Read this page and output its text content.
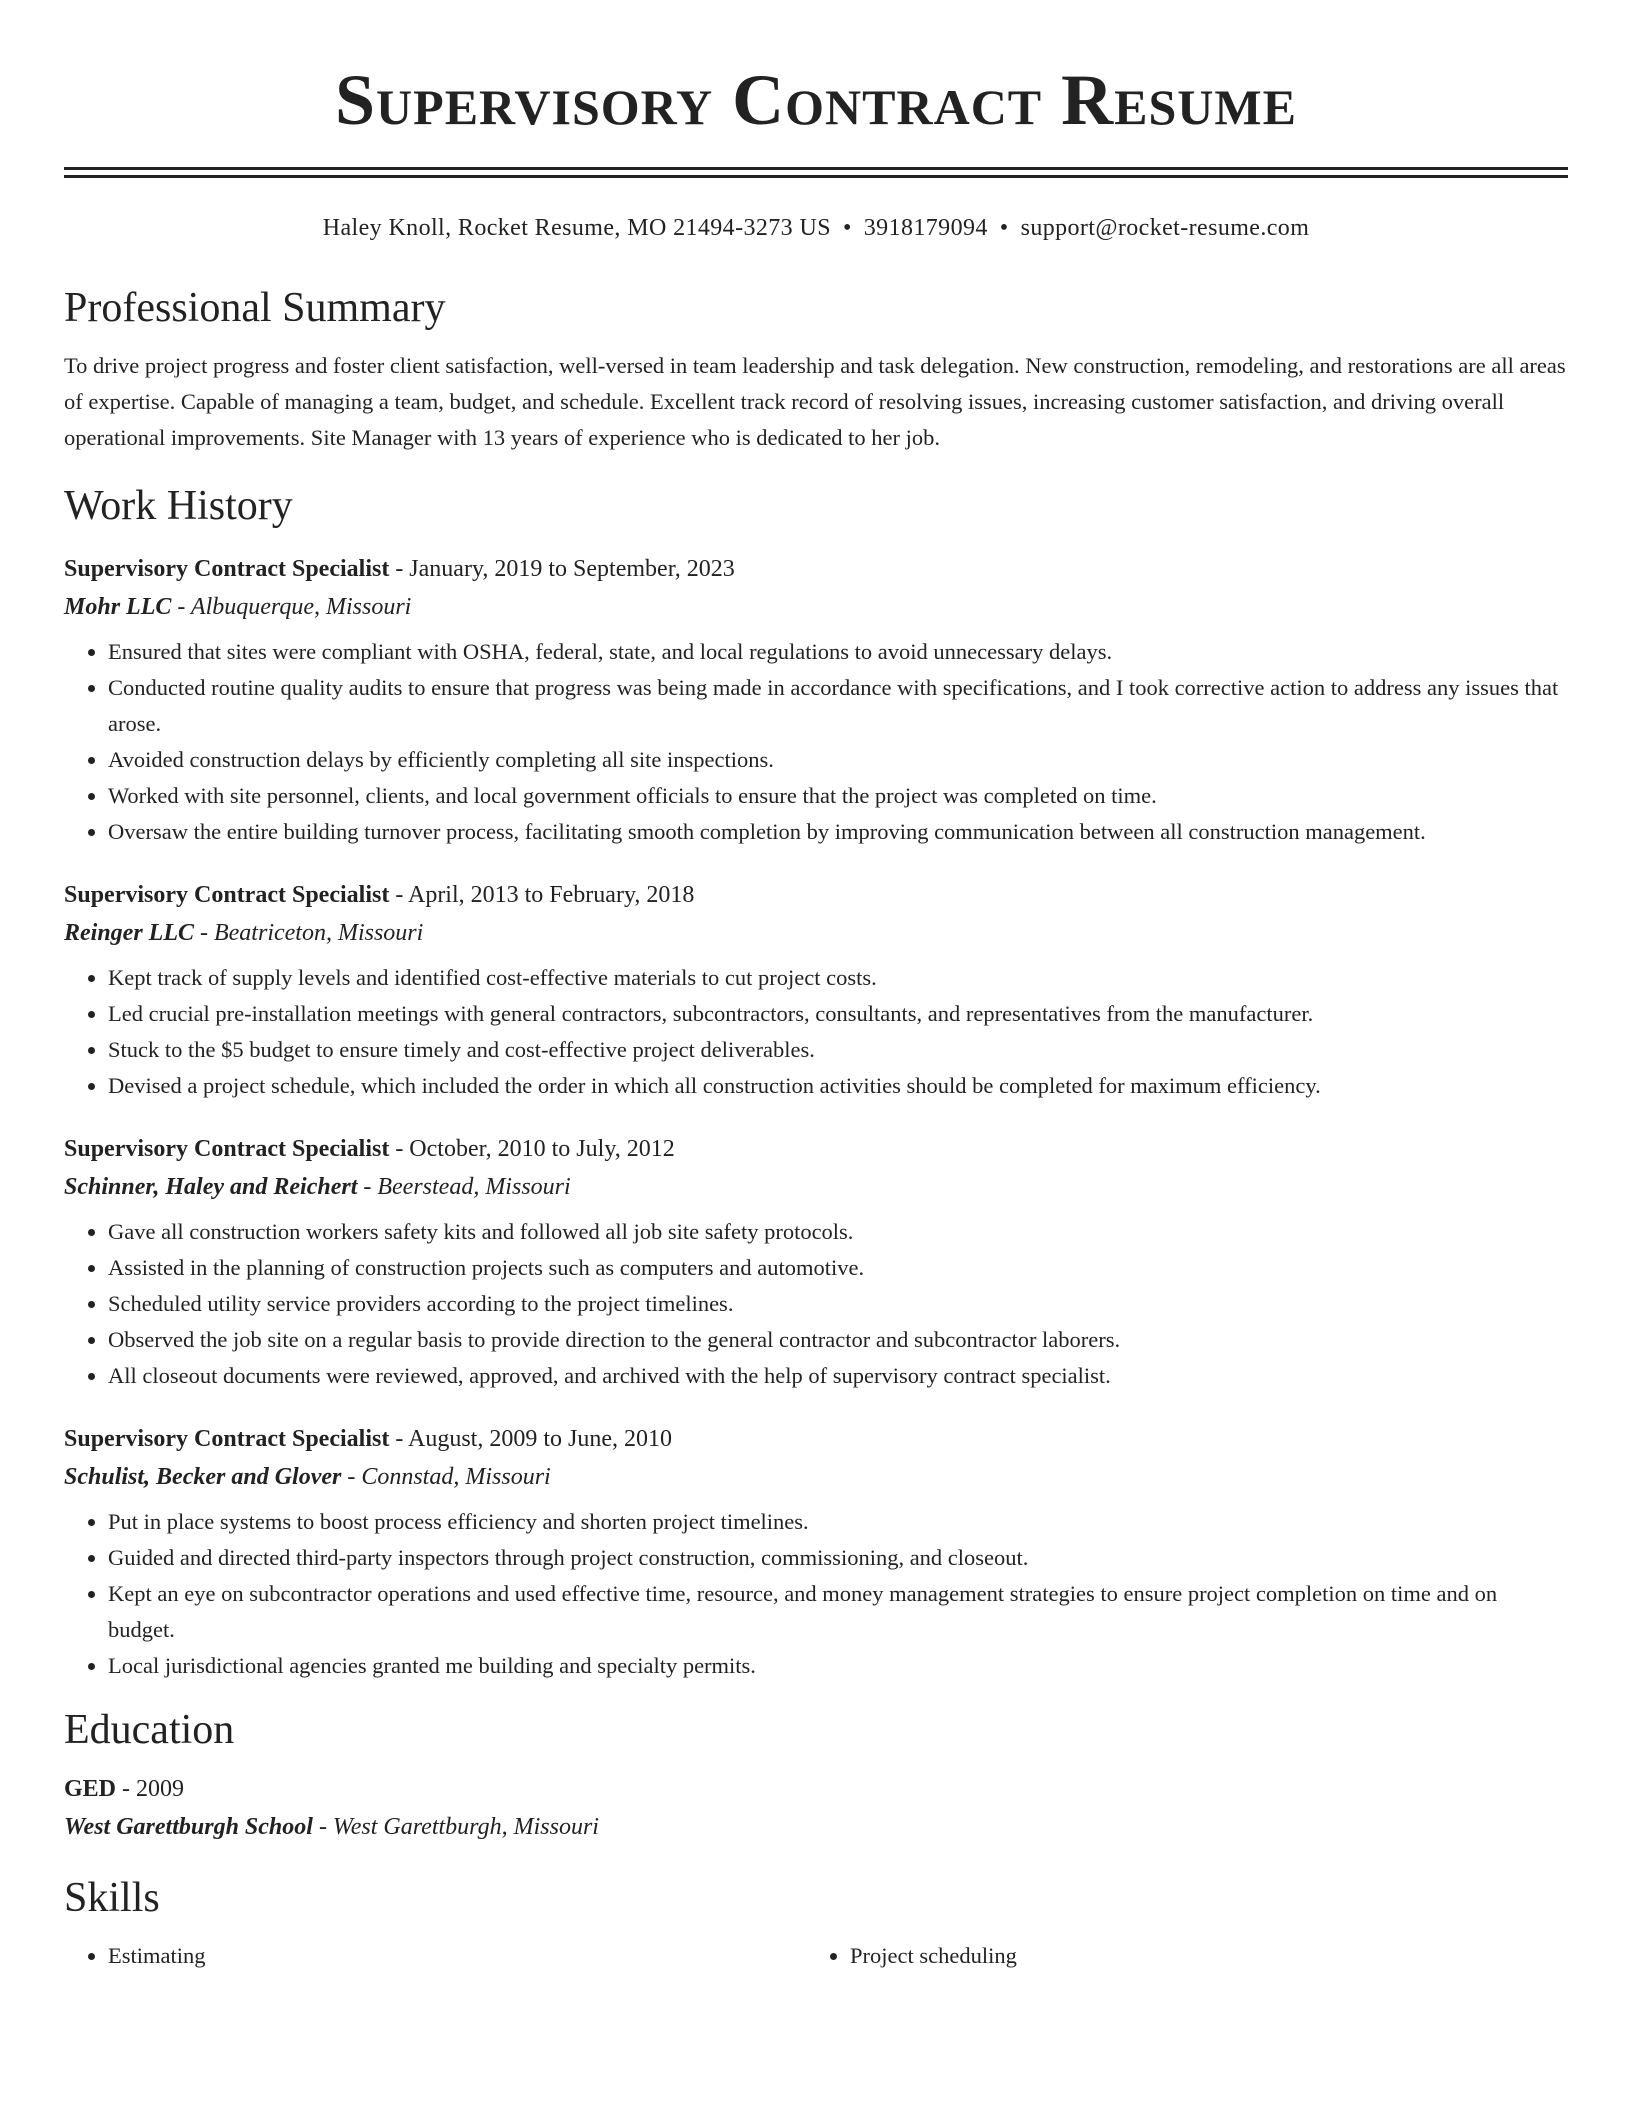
Supervisory Contract Resume
Haley Knoll, Rocket Resume, MO 21494-3273 US • 3918179094 • support@rocket-resume.com
Professional Summary

To drive project progress and foster client satisfaction, well-versed in team leadership and task delegation. New construction, remodeling, and restorations are all areas of expertise. Capable of managing a team, budget, and schedule. Excellent track record of resolving issues, increasing customer satisfaction, and driving overall operational improvements. Site Manager with 13 years of experience who is dedicated to her job.

Work History
Supervisory Contract Specialist - January, 2019 to September, 2023
Mohr LLC - Albuquerque, Missouri
• Ensured that sites were compliant with OSHA, federal, state, and local regulations to avoid unnecessary delays.
• Conducted routine quality audits to ensure that progress was being made in accordance with specifications, and I took corrective action to address any issues that arose.
• Avoided construction delays by efficiently completing all site inspections.
• Worked with site personnel, clients, and local government officials to ensure that the project was completed on time.
• Oversaw the entire building turnover process, facilitating smooth completion by improving communication between all construction management.
Supervisory Contract Specialist - April, 2013 to February, 2018
Reinger LLC - Beatriceton, Missouri
• Kept track of supply levels and identified cost-effective materials to cut project costs.
• Led crucial pre-installation meetings with general contractors, subcontractors, consultants, and representatives from the manufacturer.
• Stuck to the $5 budget to ensure timely and cost-effective project deliverables.
• Devised a project schedule, which included the order in which all construction activities should be completed for maximum efficiency.
Supervisory Contract Specialist - October, 2010 to July, 2012
Schinner, Haley and Reichert - Beerstead, Missouri
• Gave all construction workers safety kits and followed all job site safety protocols.
• Assisted in the planning of construction projects such as computers and automotive.
• Scheduled utility service providers according to the project timelines.
• Observed the job site on a regular basis to provide direction to the general contractor and subcontractor laborers.
• All closeout documents were reviewed, approved, and archived with the help of supervisory contract specialist.
Supervisory Contract Specialist - August, 2009 to June, 2010
Schulist, Becker and Glover - Connstad, Missouri
• Put in place systems to boost process efficiency and shorten project timelines.
• Guided and directed third-party inspectors through project construction, commissioning, and closeout.
• Kept an eye on subcontractor operations and used effective time, resource, and money management strategies to ensure project completion on time and on budget.
• Local jurisdictional agencies granted me building and specialty permits.
Education
GED - 2009
West Garettburgh School - West Garettburgh, Missouri
Skills
• Estimating
•	Project scheduling
